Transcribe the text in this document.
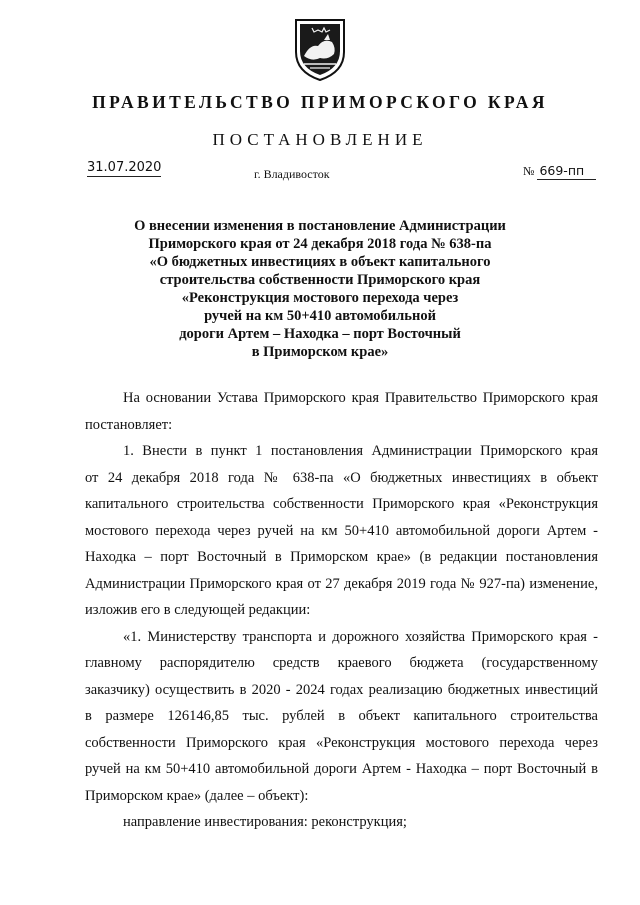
ПРАВИТЕЛЬСТВО ПРИМОРСКОГО КРАЯ
ПОСТАНОВЛЕНИЕ
31.07.2020	г. Владивосток	№ 669-пп
О внесении изменения в постановление Администрации
Приморского края от 24 декабря 2018 года № 638-па
«О бюджетных инвестициях в объект капитального
строительства собственности Приморского края
«Реконструкция мостового перехода через
ручей на км 50+410 автомобильной
дороги Артем – Находка – порт Восточный
в Приморском крае»
На основании Устава Приморского края Правительство Приморского края
постановляет:
1. Внести в пункт 1 постановления Администрации Приморского края
от 24 декабря 2018 года № 638-па «О бюджетных инвестициях в объект
капитального строительства собственности Приморского края «Реконструкция
мостового перехода через ручей на км 50+410 автомобильной дороги Артем -
Находка – порт Восточный в Приморском крае» (в редакции постановления
Администрации Приморского края от 27 декабря 2019 года № 927-па) изменение,
изложив его в следующей редакции:
«1. Министерству транспорта и дорожного хозяйства Приморского края -
главному распорядителю средств краевого бюджета (государственному
заказчику) осуществить в 2020 - 2024 годах реализацию бюджетных инвестиций
в размере 126146,85 тыс. рублей в объект капитального строительства
собственности Приморского края «Реконструкция мостового перехода через
ручей на км 50+410 автомобильной дороги Артем - Находка – порт Восточный в
Приморском крае» (далее – объект):
направление инвестирования: реконструкция;
